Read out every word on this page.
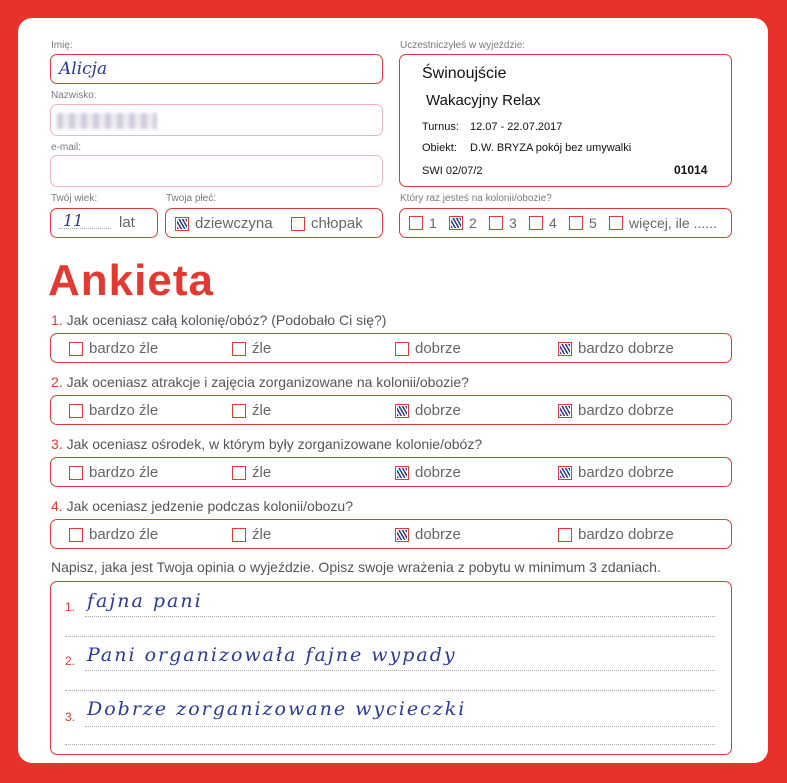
Imię:
Alicja
Nazwisko:
e-mail:
Twój wiek:
11 lat
Twoja płeć:
dziewczyna	chłopak
Uczestniczyłeś w wyjeździe:
Świnoujście
Wakacyjny Relax
Turnus: 12.07 - 22.07.2017
Obiekt: D.W. BRYZA pokój bez umywalki
SWI 02/07/2	01014
Który raz jesteś na kolonii/obozie?
1 2 3 4 5 więcej, ile ......
Ankieta
1. Jak oceniasz całą kolonię/obóz? (Podobało Ci się?)
bardzo źle	źle	dobrze	bardzo dobrze
2. Jak oceniasz atrakcje i zajęcia zorganizowane na kolonii/obozie?
bardzo źle	źle	dobrze	bardzo dobrze
3. Jak oceniasz ośrodek, w którym były zorganizowane kolonie/obóz?
bardzo źle	źle	dobrze	bardzo dobrze
4. Jak oceniasz jedzenie podczas kolonii/obozu?
bardzo źle	źle	dobrze	bardzo dobrze
Napisz, jaka jest Twoja opinia o wyjeździe. Opisz swoje wrażenia z pobytu w minimum 3 zdaniach.
1. fajna pani
2. Pani organizowała fajne wypady
3. Dobrze zorganizowane wycieczki
